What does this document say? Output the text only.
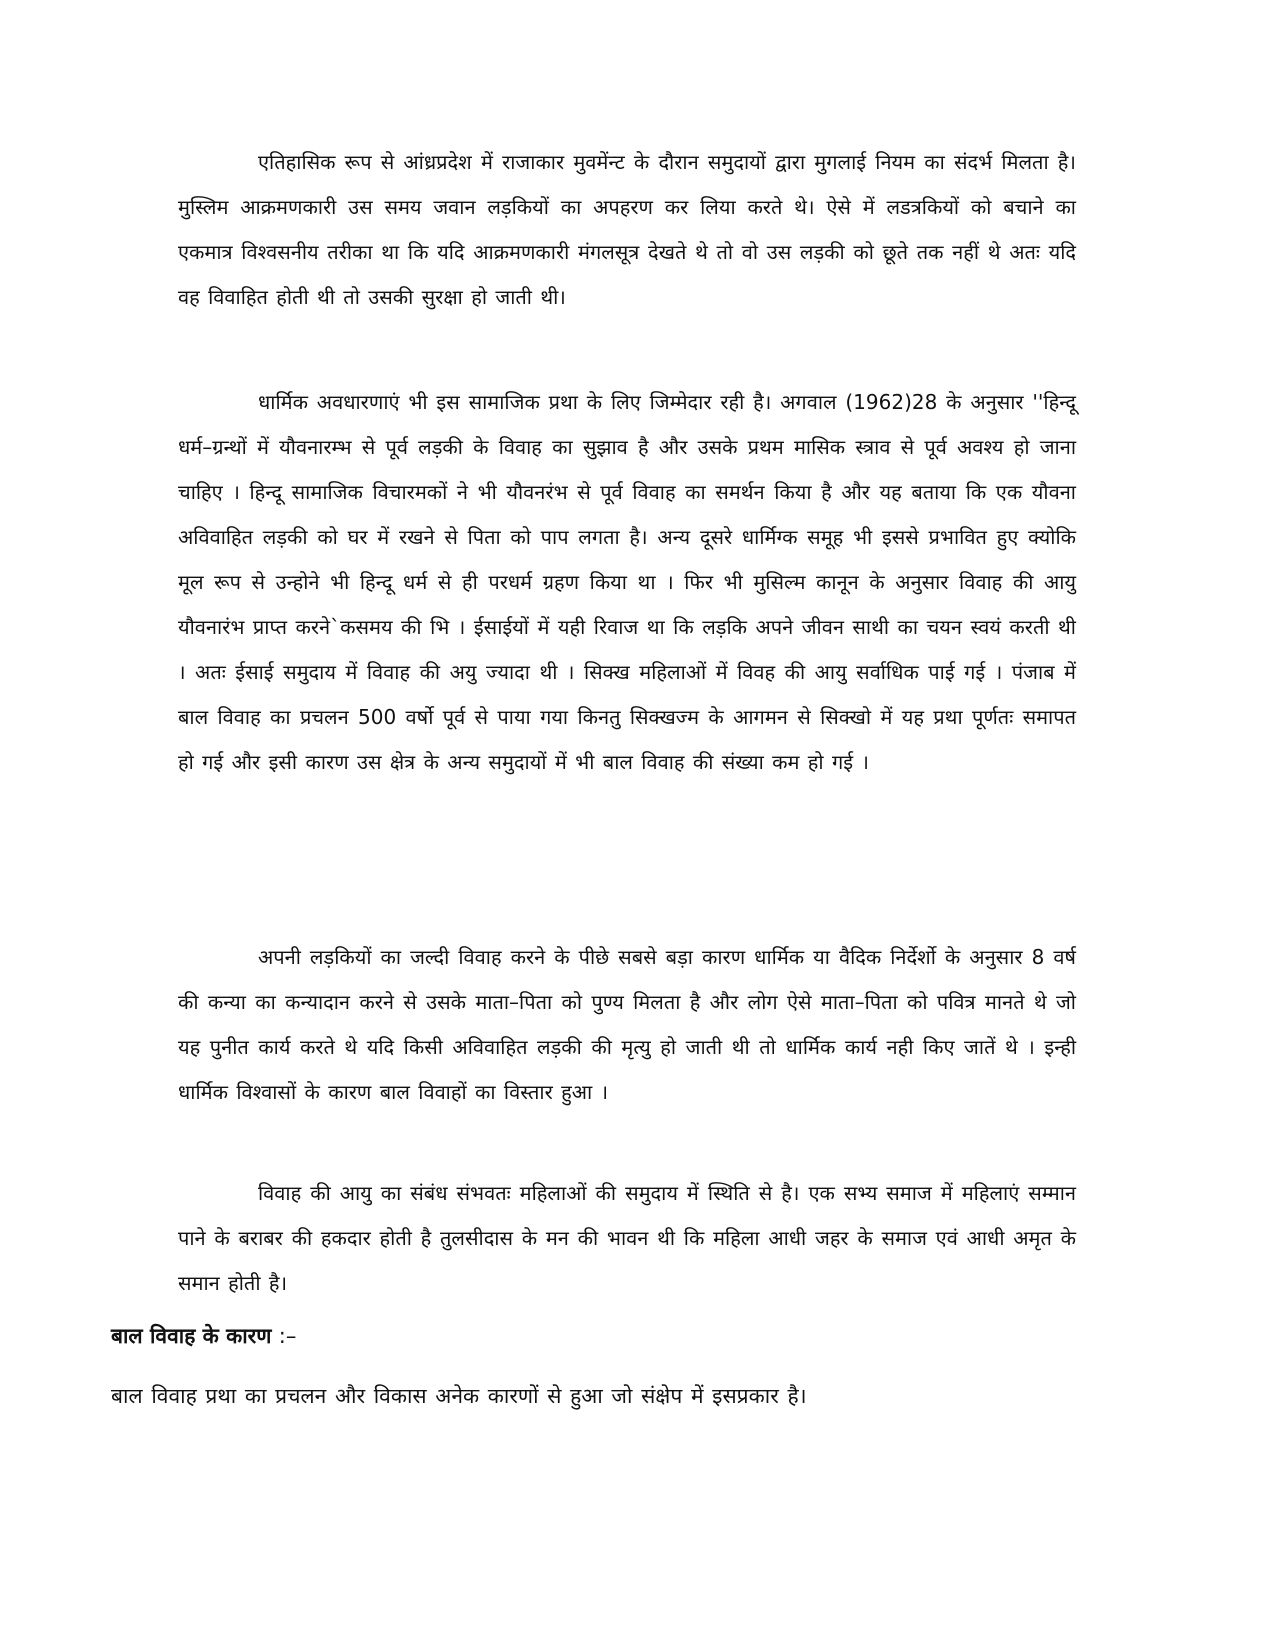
एतिहासिक रूप से आंध्रप्रदेश में राजाकार मुवमेंन्ट के दौरान समुदायों द्वारा मुगलाई नियम का संदर्भ मिलता है। मुस्लिम आक्रमणकारी उस समय जवान लड़कियों का अपहरण कर लिया करते थे। ऐसे में लडत्रकियों को बचाने का एकमात्र विश्वसनीय तरीका था कि यदि आक्रमणकारी मंगलसूत्र देखते थे तो वो उस लड़की को छूते तक नहीं थे अतः यदि वह विवाहित होती थी तो उसकी सुरक्षा हो जाती थी।

धार्मिक अवधारणाएं भी इस सामाजिक प्रथा के लिए जिम्मेदार रही है। अगवाल (1962)28 के अनुसार ''हिन्दू धर्म–ग्रन्थों में यौवनारम्भ से पूर्व लड़की के विवाह का सुझाव है और उसके प्रथम मासिक स्त्राव से पूर्व अवश्य हो जाना चाहिए । हिन्दू सामाजिक विचारमकों ने भी यौवनरंभ से पूर्व विवाह का समर्थन किया है और यह बताया कि एक यौवना अविवाहित लड़की को घर में रखने से पिता को पाप लगता है। अन्य दूसरे धार्मिग्क समूह भी इससे प्रभावित हुए क्योकि मूल रूप से उन्होने भी हिन्दू धर्म से ही परधर्म ग्रहण किया था । फिर भी मुसिल्म कानून के अनुसार विवाह की आयु यौवनारंभ प्राप्त करने`कसमय की भि । ईसाईयों में यही रिवाज था कि लड़कि अपने जीवन साथी का चयन स्वयं करती थी । अतः ईसाई समुदाय में विवाह की अयु ज्यादा थी । सिक्ख महिलाओं में विवह की आयु सर्वाधिक पाई गई । पंजाब में बाल विवाह का प्रचलन 500 वर्षो पूर्व से पाया गया किनतु सिक्खज्म के आगमन से सिक्खो में यह प्रथा पूर्णतः समापत हो गई और इसी कारण उस क्षेत्र के अन्य समुदायों में भी बाल विवाह की संख्या कम हो गई ।

अपनी लड़कियों का जल्दी विवाह करने के पीछे सबसे बड़ा कारण धार्मिक या वैदिक निर्देर्शो के अनुसार 8 वर्ष की कन्या का कन्यादान करने से उसके माता–पिता को पुण्य मिलता है और लोग ऐसे माता–पिता को पवित्र मानते थे जो यह पुनीत कार्य करते थे यदि किसी अविवाहित लड़की की मृत्यु हो जाती थी तो धार्मिक कार्य नही किए जातें थे । इन्ही धार्मिक विश्वासों के कारण बाल विवाहों का विस्तार हुआ ।

विवाह की आयु का संबंध संभवतः महिलाओं की समुदाय में स्थिति से है। एक सभ्य समाज में महिलाएं सम्मान पाने के बराबर की हकदार होती है तुलसीदास के मन की भावन थी कि महिला आधी जहर के समाज एवं आधी अमृत के समान होती है।

बाल विवाह के कारण :–

बाल विवाह प्रथा का प्रचलन और विकास अनेक कारणों से हुआ जो संक्षेप में इसप्रकार है।
